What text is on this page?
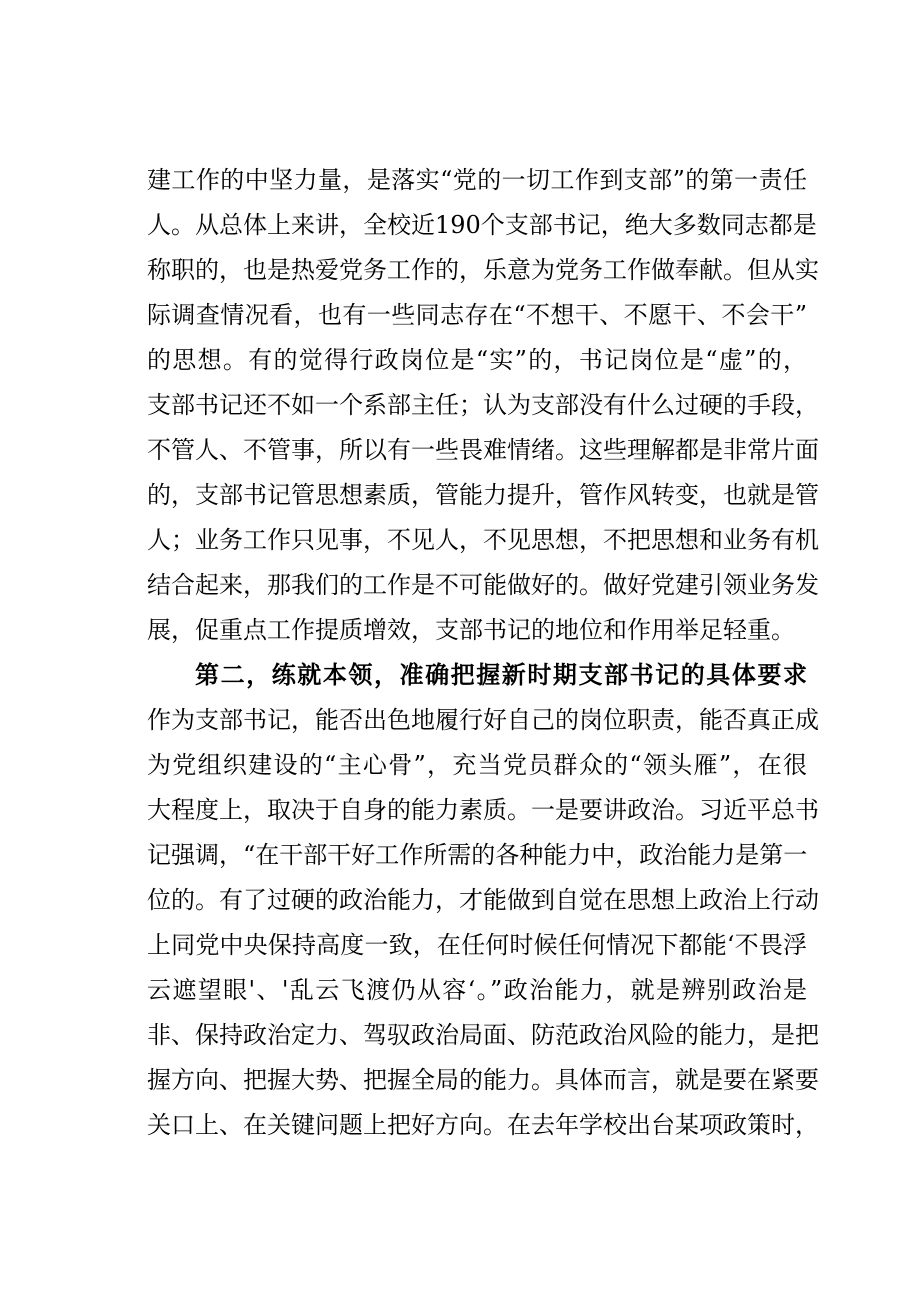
建工作的中坚力量，是落实“党的一切工作到支部”的第一责任
人。从总体上来讲，全校近190个支部书记，绝大多数同志都是
称职的，也是热爱党务工作的，乐意为党务工作做奉献。但从实
际调查情况看，也有一些同志存在“不想干、不愿干、不会干”
的思想。有的觉得行政岗位是“实”的，书记岗位是“虚”的，
支部书记还不如一个系部主任；认为支部没有什么过硬的手段，
不管人、不管事，所以有一些畏难情绪。这些理解都是非常片面
的，支部书记管思想素质，管能力提升，管作风转变，也就是管
人；业务工作只见事，不见人，不见思想，不把思想和业务有机
结合起来，那我们的工作是不可能做好的。做好党建引领业务发
展，促重点工作提质增效，支部书记的地位和作用举足轻重。
第二，练就本领，准确把握新时期支部书记的具体要求
作为支部书记，能否出色地履行好自己的岗位职责，能否真正成
为党组织建设的“主心骨”，充当党员群众的“领头雁”，在很
大程度上，取决于自身的能力素质。一是要讲政治。习近平总书
记强调，“在干部干好工作所需的各种能力中，政治能力是第一
位的。有了过硬的政治能力，才能做到自觉在思想上政治上行动
上同党中央保持高度一致，在任何时候任何情况下都能‘不畏浮
云遮望眼'、'乱云飞渡仍从容‘。”政治能力，就是辨别政治是
非、保持政治定力、驾驭政治局面、防范政治风险的能力，是把
握方向、把握大势、把握全局的能力。具体而言，就是要在紧要
关口上、在关键问题上把好方向。在去年学校出台某项政策时，
